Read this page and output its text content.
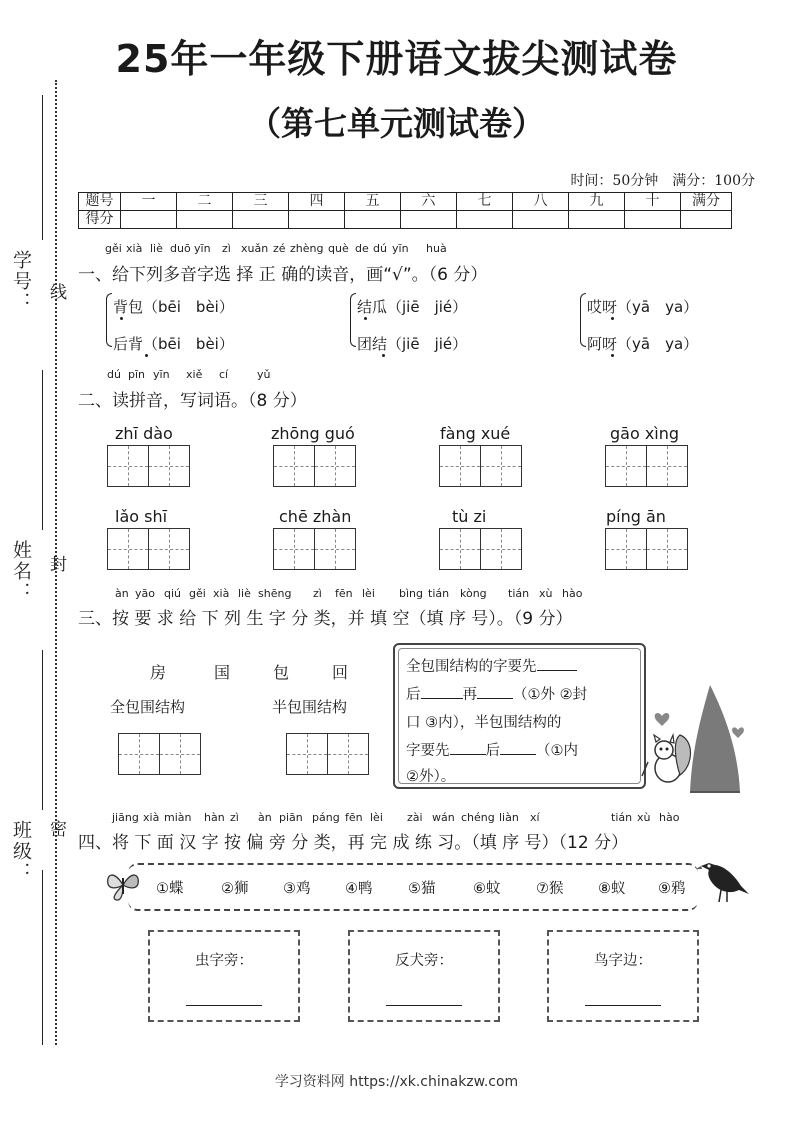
学号：
姓名：
班级：
线
封
密
25年一年级下册语文拔尖测试卷
（第七单元测试卷）
时间：50分钟　 满分：100分
题号	一	二	三	四	五	六	七	八	九	十	满分
得分											
gěi xià liè duō yīn zì xuǎn zé zhèng què de dú yīn huà
一、给下列多音字选 择 正 确的读音，画“√”。（6 分）
背包（bēi　bèi）
后背（bēi　bèi）
结瓜（jiē　jié）
团结（jiē　jié）
哎呀（yā　ya）
阿呀（yā　ya）
dú pīn yīn xiě cí	yǔ
二、读拼音，写词语。（8 分）
zhī dào	zhōng guó	fàng xué	gāo xìng
lǎo shī	chē zhàn	tù zi	píng ān
àn yāo qiú gěi xià liè shēng zì fēn lèi bìng tián kòng tián xù hào
三、按 要 求 给 下 列 生 字 分 类，并 填 空（填 序 号）。（9 分）
房	国	包	回
全包围结构	半包围结构
全包围结构的字要先
后	再 （①外 ②封
口 ③内），半包围结构的
字要先 后 （①内
②外）。
jiāng xià miàn hàn zì àn piān páng fēn lèi zài wán chéng liàn xí	tián xù hào
四、将 下 面 汉 字 按 偏 旁 分 类，再 完 成 练 习。（填 序 号）（12 分）
①蝶	②狮 ③鸡 ④鸭 ⑤猫	⑥蚊 ⑦猴 ⑧蚁 ⑨鸦
虫字旁：	反犬旁：	鸟字边：
学习资料网 https://xk.chinakzw.com
